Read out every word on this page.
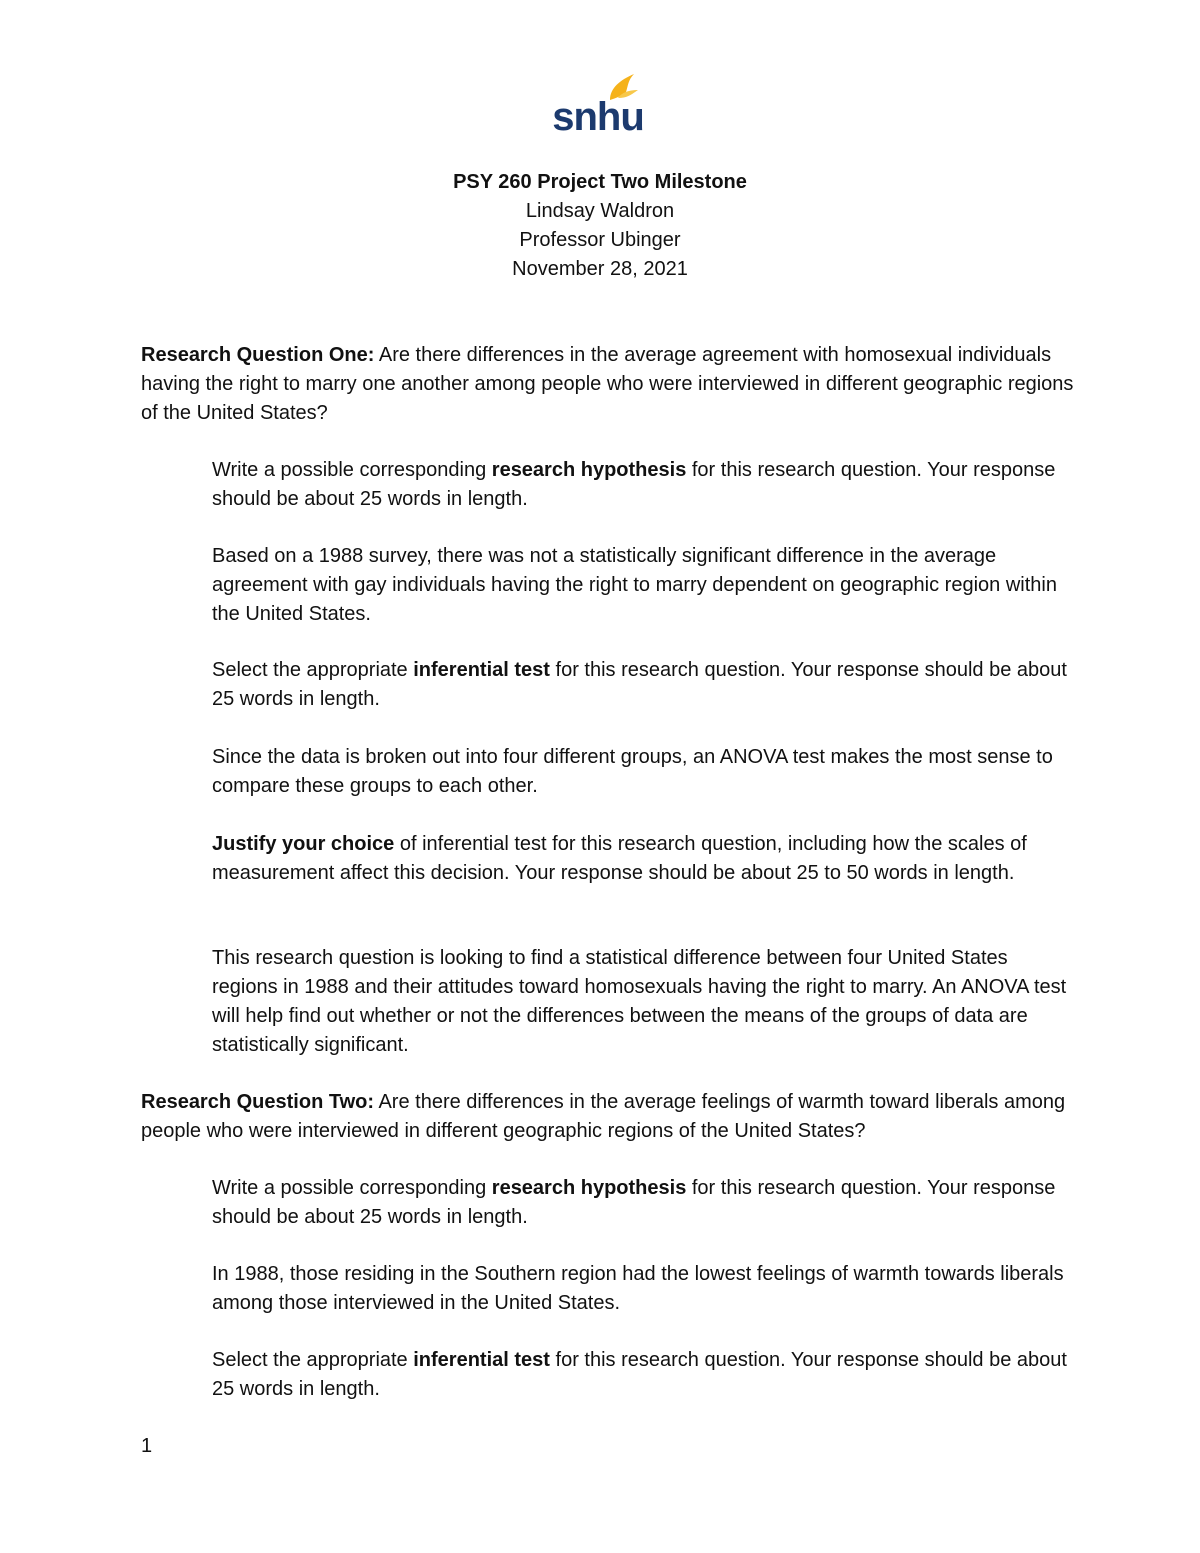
snhu
PSY 260 Project Two Milestone
Lindsay Waldron
Professor Ubinger
November 28, 2021

Research Question One: Are there differences in the average agreement with homosexual individuals having the right to marry one another among people who were interviewed in different geographic regions of the United States?

Write a possible corresponding research hypothesis for this research question. Your response should be about 25 words in length.

Based on a 1988 survey, there was not a statistically significant difference in the average agreement with gay individuals having the right to marry dependent on geographic region within the United States.

Select the appropriate inferential test for this research question. Your response should be about 25 words in length.

Since the data is broken out into four different groups, an ANOVA test makes the most sense to compare these groups to each other.

Justify your choice of inferential test for this research question, including how the scales of measurement affect this decision. Your response should be about 25 to 50 words in length.

This research question is looking to find a statistical difference between four United States regions in 1988 and their attitudes toward homosexuals having the right to marry. An ANOVA test will help find out whether or not the differences between the means of the groups of data are statistically significant.

Research Question Two: Are there differences in the average feelings of warmth toward liberals among people who were interviewed in different geographic regions of the United States?

Write a possible corresponding research hypothesis for this research question. Your response should be about 25 words in length.

In 1988, those residing in the Southern region had the lowest feelings of warmth towards liberals among those interviewed in the United States.

Select the appropriate inferential test for this research question. Your response should be about 25 words in length.

1
